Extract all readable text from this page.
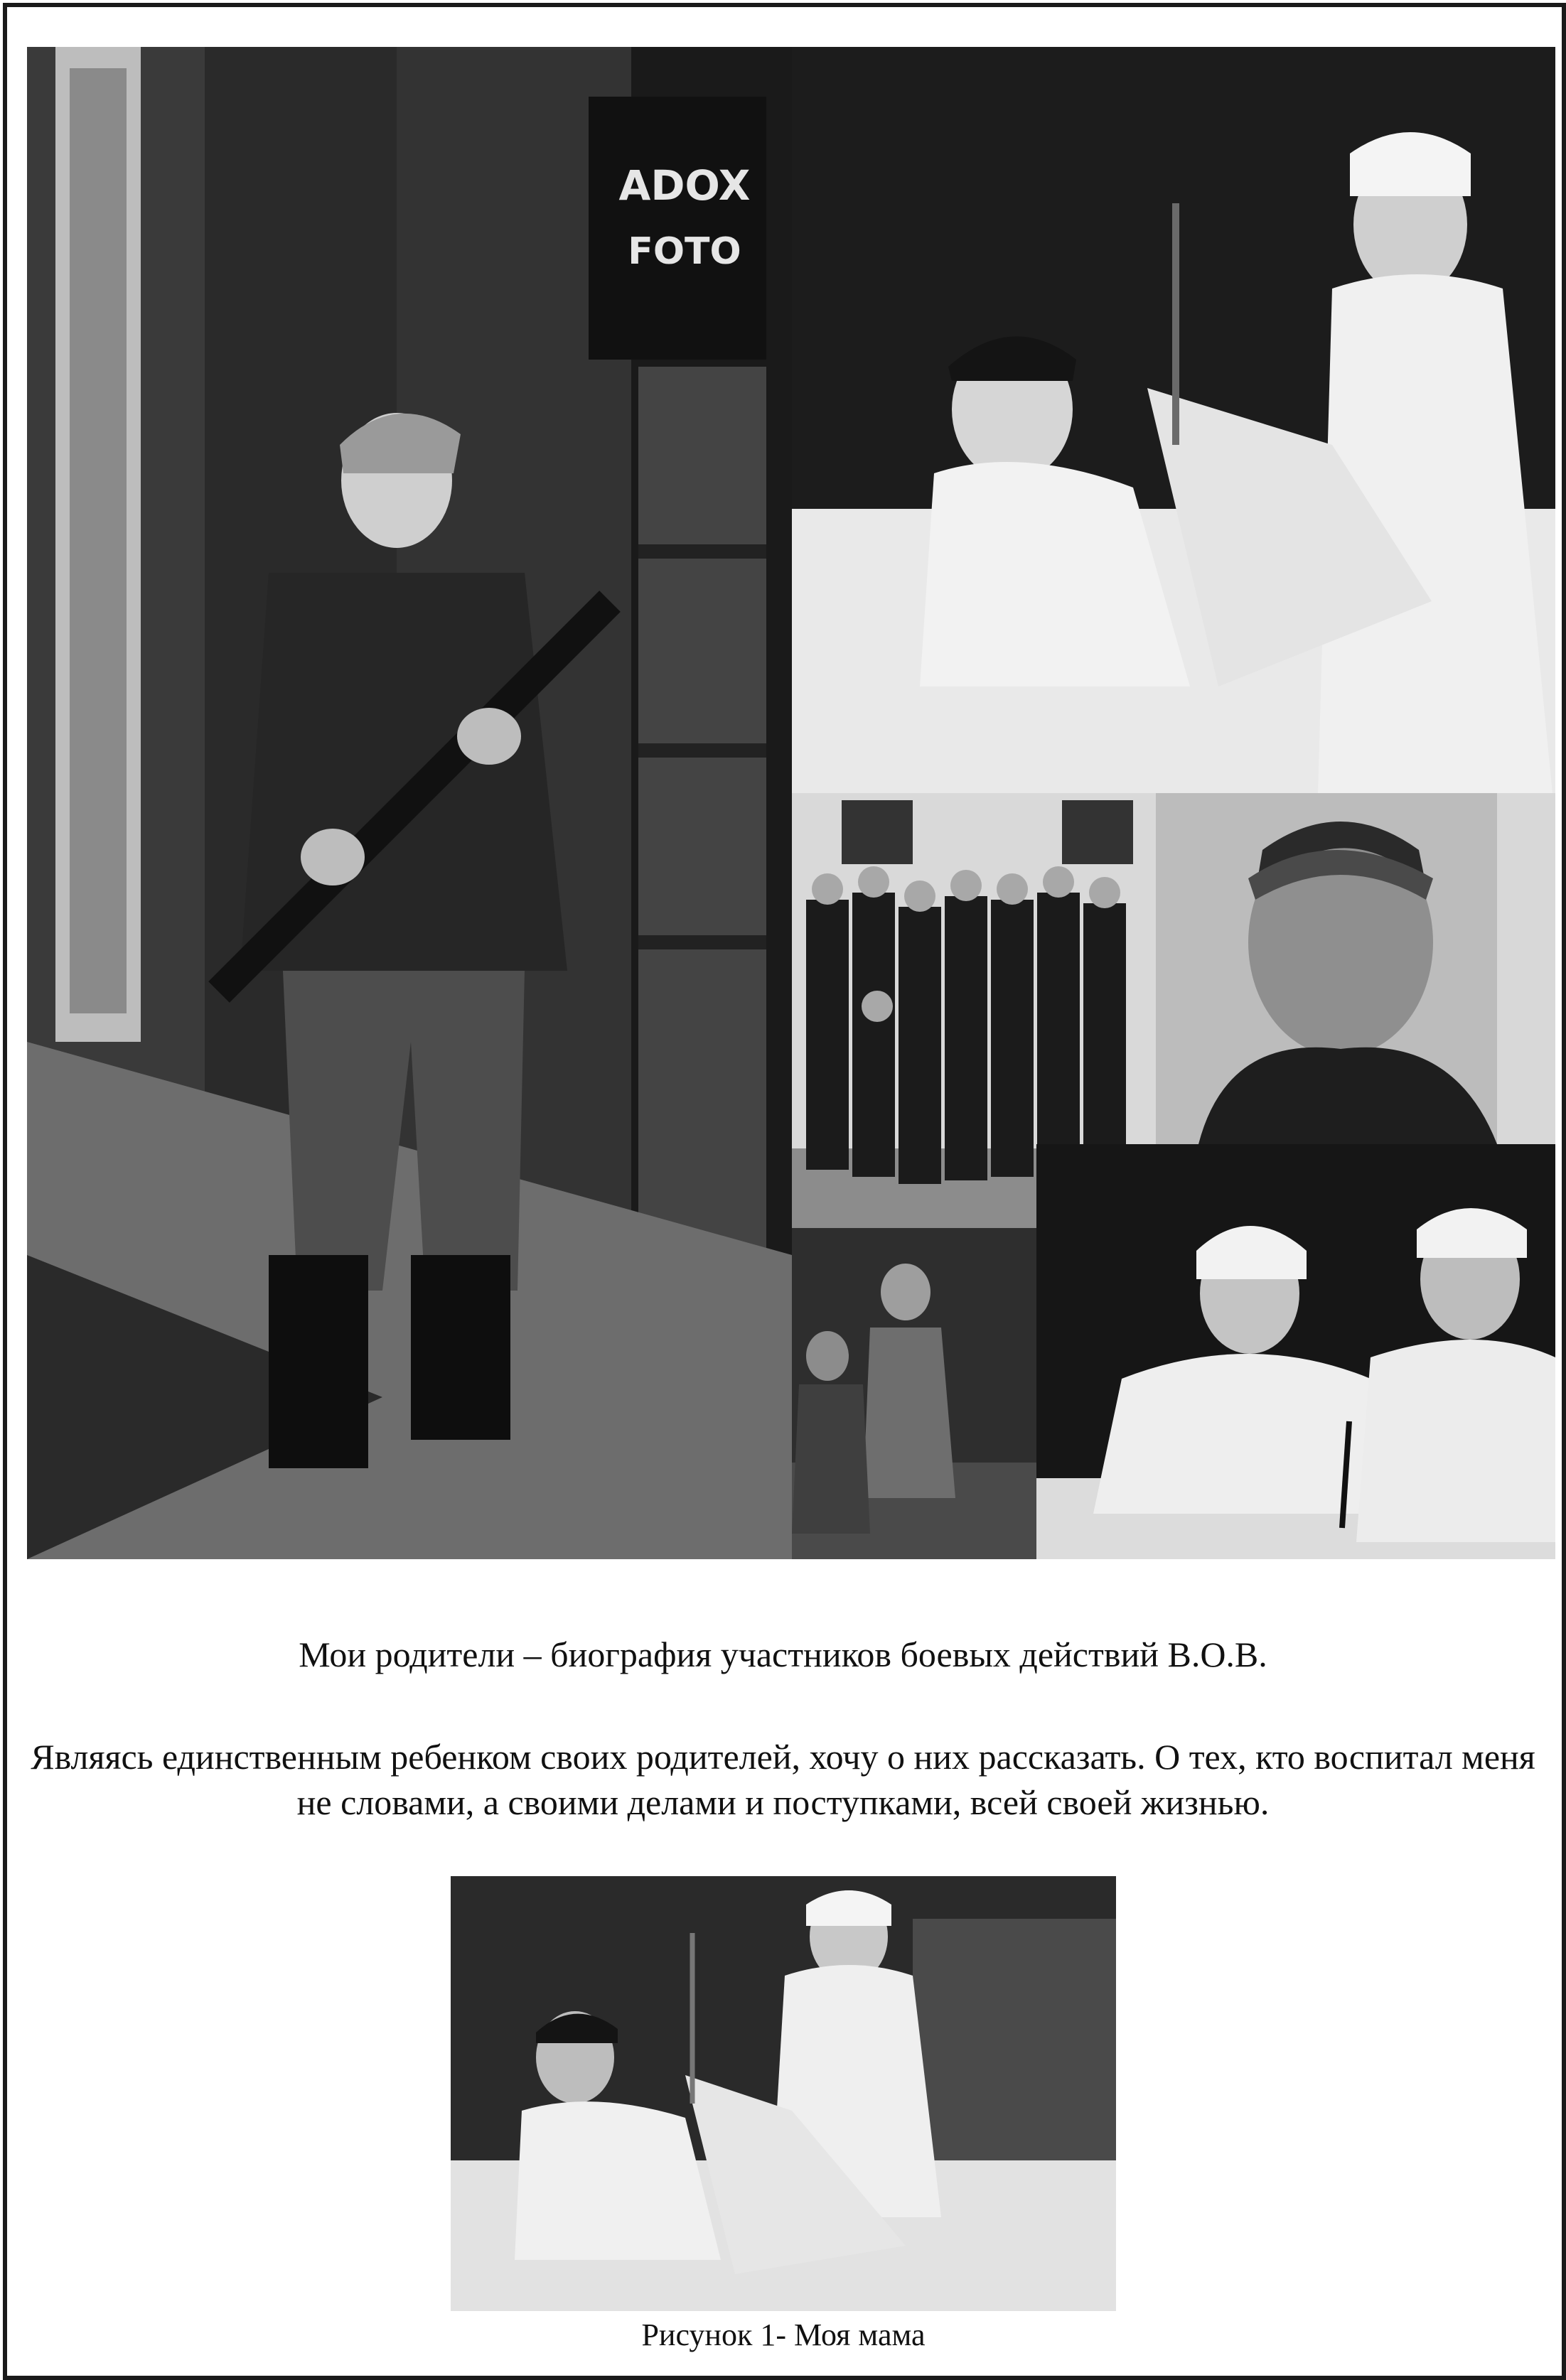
ADOX
FOTO
Мои родители – биография участников боевых действий В.О.В.
Являясь единственным ребенком своих родителей, хочу о них рассказать. О тех, кто воспитал меня не словами, а своими делами и поступками, всей своей жизнью.
Рисунок 1- Моя мама
